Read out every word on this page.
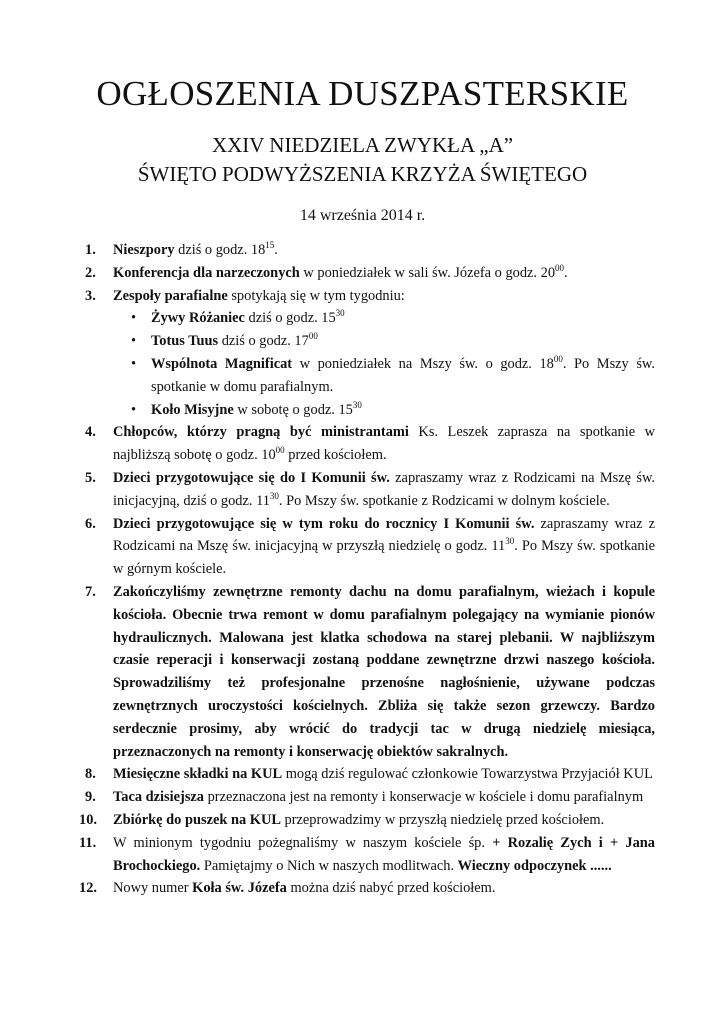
OGŁOSZENIA DUSZPASTERSKIE
XXIV NIEDZIELA ZWYKŁA „A”
ŚWIĘTO PODWYŻSZENIA KRZYŻA ŚWIĘTEGO
14 września 2014 r.
1. Nieszpory dziś o godz. $18^{15}$.
2. Konferencja dla narzeczonych w poniedziałek w sali św. Józefa o godz. $20^{00}$.
3. Zespoły parafialne spotykają się w tym tygodniu:
• Żywy Różaniec dziś o godz. $15^{30}$
• Totus Tuus dziś o godz. $17^{00}$
• Wspólnota Magnificat w poniedziałek na Mszy św. o godz. $18^{00}$. Po Mszy św. spotkanie w domu parafialnym.
• Koło Misyjne w sobotę o godz. $15^{30}$
4. Chłopców, którzy pragną być ministrantami Ks. Leszek zaprasza na spotkanie w najbliższą sobotę o godz. $10^{00}$ przed kościołem.
5. Dzieci przygotowujące się do I Komunii św. zapraszamy wraz z Rodzicami na Mszę św. inicjacyjną, dziś o godz. $11^{30}$. Po Mszy św. spotkanie z Rodzicami w dolnym kościele.
6. Dzieci przygotowujące się w tym roku do rocznicy I Komunii św. zapraszamy wraz z Rodzicami na Mszę św. inicjacyjną w przyszłą niedzielę o godz. $11^{30}$. Po Mszy św. spotkanie w górnym kościele.
7. Zakończyliśmy zewnętrzne remonty dachu na domu parafialnym, wieżach i kopule kościoła. Obecnie trwa remont w domu parafialnym polegający na wymianie pionów hydraulicznych. Malowana jest klatka schodowa na starej plebanii. W najbliższym czasie reperacji i konserwacji zostaną poddane zewnętrzne drzwi naszego kościoła. Sprowadziliśmy też profesjonalne przenośne nagłośnienie, używane podczas zewnętrznych uroczystości kościelnych. Zbliża się także sezon grzewczy. Bardzo serdecznie prosimy, aby wrócić do tradycji tac w drugą niedzielę miesiąca, przeznaczonych na remonty i konserwację obiektów sakralnych.
8. Miesięczne składki na KUL mogą dziś regulować członkowie Towarzystwa Przyjaciół KUL
9. Taca dzisiejsza przeznaczona jest na remonty i konserwacje w kościele i domu parafialnym
10. Zbiórkę do puszek na KUL przeprowadzimy w przyszłą niedzielę przed kościołem.
11. W minionym tygodniu pożegnaliśmy w naszym kościele śp. + Rozalię Zych i + Jana Brochockiego. Pamiętajmy o Nich w naszych modlitwach. Wieczny odpoczynek ......
12. Nowy numer Koła św. Józefa można dziś nabyć przed kościołem.
